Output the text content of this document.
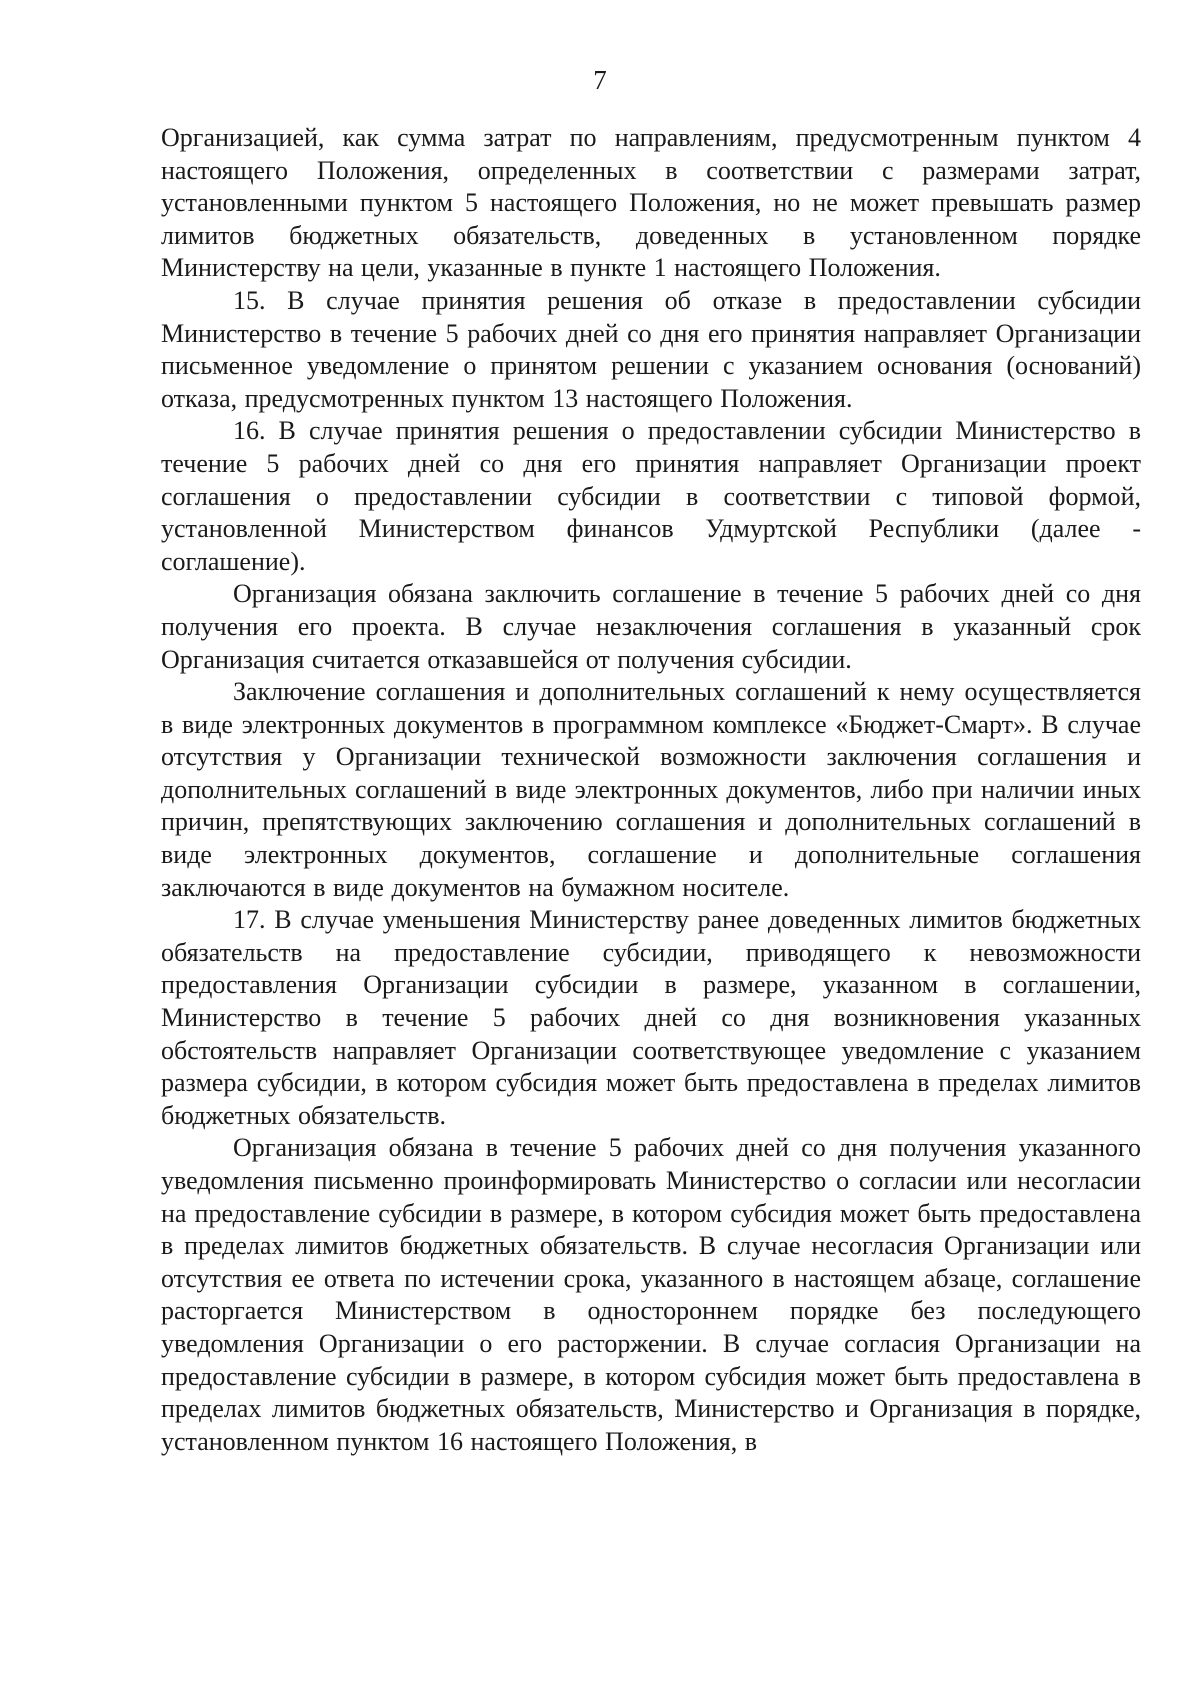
7

Организацией, как сумма затрат по направлениям, предусмотренным пунктом 4 настоящего Положения, определенных в соответствии с размерами затрат, установленными пунктом 5 настоящего Положения, но не может превышать размер лимитов бюджетных обязательств, доведенных в установленном порядке Министерству на цели, указанные в пункте 1 настоящего Положения.

15. В случае принятия решения об отказе в предоставлении субсидии Министерство в течение 5 рабочих дней со дня его принятия направляет Организации письменное уведомление о принятом решении с указанием основания (оснований) отказа, предусмотренных пунктом 13 настоящего Положения.

16. В случае принятия решения о предоставлении субсидии Министерство в течение 5 рабочих дней со дня его принятия направляет Организации проект соглашения о предоставлении субсидии в соответствии с типовой формой, установленной Министерством финансов Удмуртской Республики (далее - соглашение).

Организация обязана заключить соглашение в течение 5 рабочих дней со дня получения его проекта. В случае незаключения соглашения в указанный срок Организация считается отказавшейся от получения субсидии.

Заключение соглашения и дополнительных соглашений к нему осуществляется в виде электронных документов в программном комплексе «Бюджет-Смарт». В случае отсутствия у Организации технической возможности заключения соглашения и дополнительных соглашений в виде электронных документов, либо при наличии иных причин, препятствующих заключению соглашения и дополнительных соглашений в виде электронных документов, соглашение и дополнительные соглашения заключаются в виде документов на бумажном носителе.

17. В случае уменьшения Министерству ранее доведенных лимитов бюджетных обязательств на предоставление субсидии, приводящего к невозможности предоставления Организации субсидии в размере, указанном в соглашении, Министерство в течение 5 рабочих дней со дня возникновения указанных обстоятельств направляет Организации соответствующее уведомление с указанием размера субсидии, в котором субсидия может быть предоставлена в пределах лимитов бюджетных обязательств.

Организация обязана в течение 5 рабочих дней со дня получения указанного уведомления письменно проинформировать Министерство о согласии или несогласии на предоставление субсидии в размере, в котором субсидия может быть предоставлена в пределах лимитов бюджетных обязательств. В случае несогласия Организации или отсутствия ее ответа по истечении срока, указанного в настоящем абзаце, соглашение расторгается Министерством в одностороннем порядке без последующего уведомления Организации о его расторжении. В случае согласия Организации на предоставление субсидии в размере, в котором субсидия может быть предоставлена в пределах лимитов бюджетных обязательств, Министерство и Организация в порядке, установленном пунктом 16 настоящего Положения, в
